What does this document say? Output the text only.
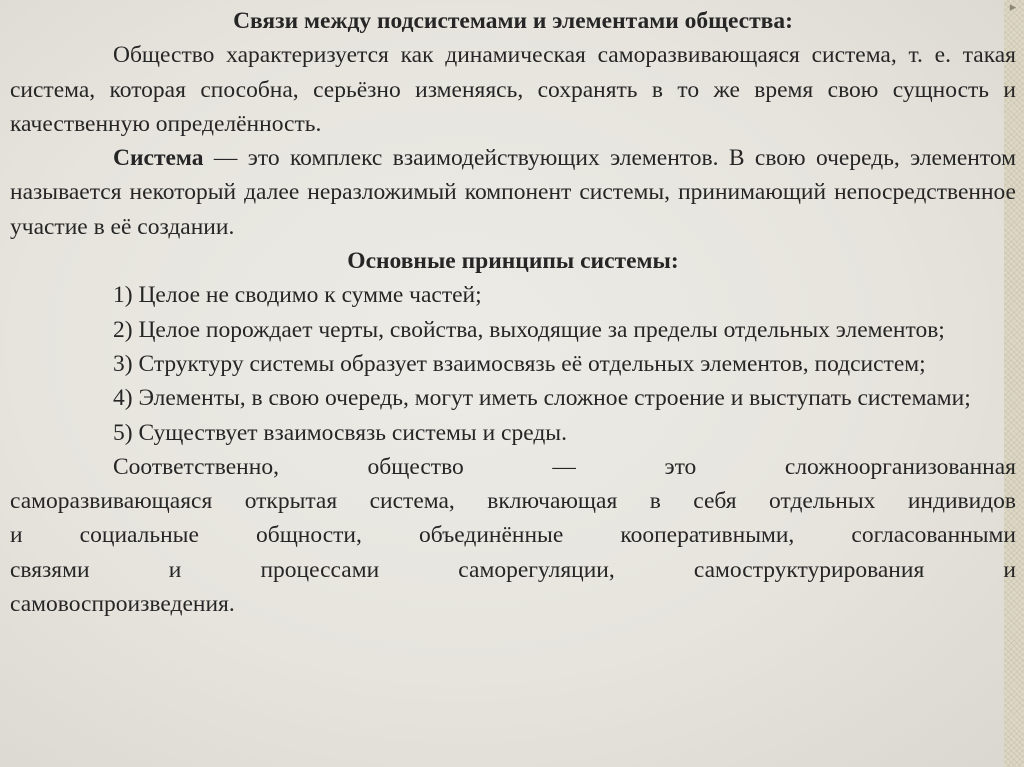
▸

Связи между подсистемами и элементами общества:

Общество характеризуется как динамическая саморазвивающаяся система, т. е. такая система, которая способна, серьёзно изменяясь, сохранять в то же время свою сущность и качественную определённость.

Система — это комплекс взаимодействующих элементов. В свою очередь, элементом называется некоторый далее неразложимый компонент системы, принимающий непосредственное участие в её создании.

Основные принципы системы:

1) Целое не сводимо к сумме частей;

2) Целое порождает черты, свойства, выходящие за пределы отдельных элементов;

3) Структуру системы образует взаимосвязь её отдельных элементов, подсистем;

4) Элементы, в свою очередь, могут иметь сложное строение и выступать системами;

5) Существует взаимосвязь системы и среды.

Соответственно, общество — это сложноорганизованная

саморазвивающаяся открытая система, включающая в себя отдельных индивидов

и социальные общности, объединённые кооперативными, согласованными

связями и процессами саморегуляции, самоструктурирования и

самовоспроизведения.
